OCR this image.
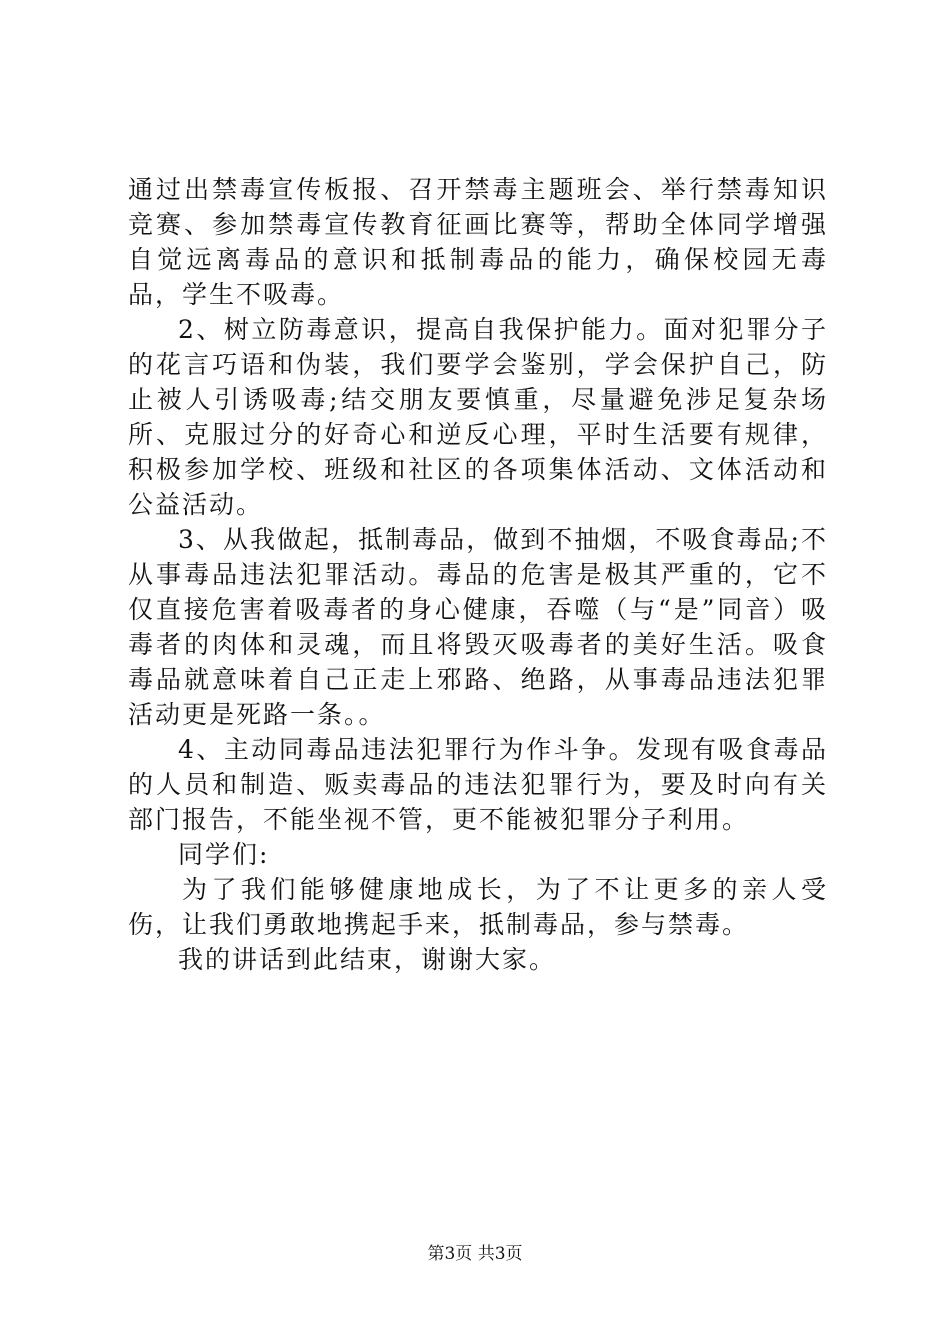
通过出禁毒宣传板报、召开禁毒主题班会、举行禁毒知识竞赛、参加禁毒宣传教育征画比赛等，帮助全体同学增强自觉远离毒品的意识和抵制毒品的能力，确保校园无毒品，学生不吸毒。

2、树立防毒意识，提高自我保护能力。面对犯罪分子的花言巧语和伪装，我们要学会鉴别，学会保护自己，防止被人引诱吸毒;结交朋友要慎重，尽量避免涉足复杂场所、克服过分的好奇心和逆反心理，平时生活要有规律，积极参加学校、班级和社区的各项集体活动、文体活动和公益活动。

3、从我做起，抵制毒品，做到不抽烟，不吸食毒品;不从事毒品违法犯罪活动。毒品的危害是极其严重的，它不仅直接危害着吸毒者的身心健康，吞噬（与“是”同音）吸毒者的肉体和灵魂，而且将毁灭吸毒者的美好生活。吸食毒品就意味着自己正走上邪路、绝路，从事毒品违法犯罪活动更是死路一条。。

4、主动同毒品违法犯罪行为作斗争。发现有吸食毒品的人员和制造、贩卖毒品的违法犯罪行为，要及时向有关部门报告，不能坐视不管，更不能被犯罪分子利用。

同学们:

为了我们能够健康地成长，为了不让更多的亲人受伤，让我们勇敢地携起手来，抵制毒品，参与禁毒。

我的讲话到此结束，谢谢大家。

第3页 共3页
